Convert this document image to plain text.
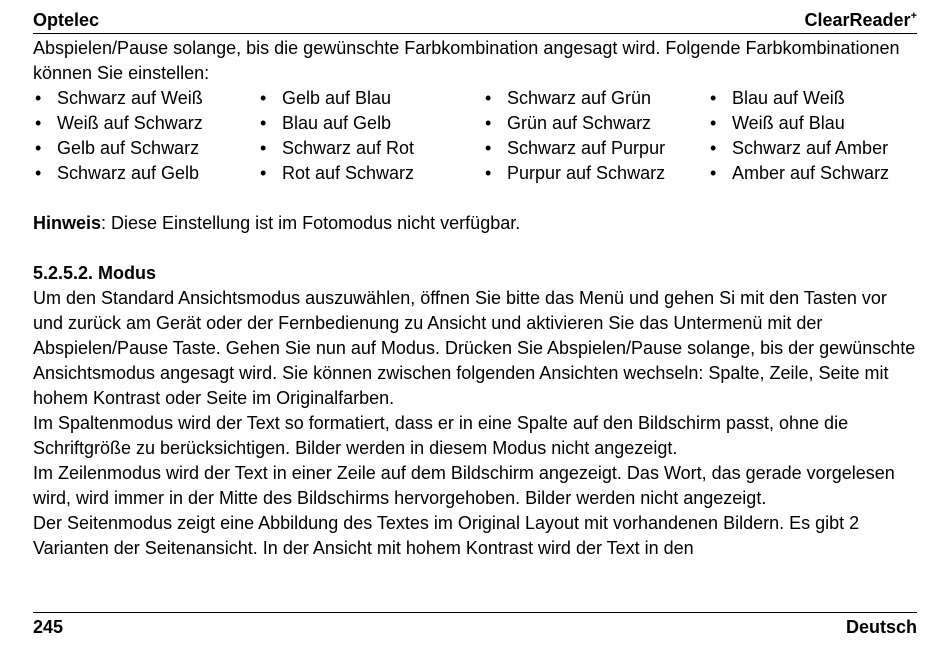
Optelec	ClearReader+

Abspielen/Pause solange, bis die gewünschte Farbkombination angesagt wird. Folgende Farbkombinationen können Sie einstellen:

• Schwarz auf Weiß
• Weiß auf Schwarz
• Gelb auf Schwarz
• Schwarz auf Gelb
• Gelb auf Blau
• Blau auf Gelb
• Schwarz auf Rot
• Rot auf Schwarz
• Schwarz auf Grün
• Grün auf Schwarz
• Schwarz auf Purpur
• Purpur auf Schwarz
• Blau auf Weiß
• Weiß auf Blau
• Schwarz auf Amber
• Amber auf Schwarz

Hinweis: Diese Einstellung ist im Fotomodus nicht verfügbar.

5.2.5.2. Modus

Um den Standard Ansichtsmodus auszuwählen, öffnen Sie bitte das Menü und gehen Si mit den Tasten vor und zurück am Gerät oder der Fernbedienung zu Ansicht und aktivieren Sie das Untermenü mit der Abspielen/Pause Taste. Gehen Sie nun auf Modus. Drücken Sie Abspielen/Pause solange, bis der gewünschte Ansichtsmodus angesagt wird. Sie können zwischen folgenden Ansichten wechseln: Spalte, Zeile, Seite mit hohem Kontrast oder Seite im Originalfarben.

Im Spaltenmodus wird der Text so formatiert, dass er in eine Spalte auf den Bildschirm passt, ohne die Schriftgröße zu berücksichtigen. Bilder werden in diesem Modus nicht angezeigt.

Im Zeilenmodus wird der Text in einer Zeile auf dem Bildschirm angezeigt. Das Wort, das gerade vorgelesen wird, wird immer in der Mitte des Bildschirms hervorgehoben. Bilder werden nicht angezeigt.

Der Seitenmodus zeigt eine Abbildung des Textes im Original Layout mit vorhandenen Bildern. Es gibt 2 Varianten der Seitenansicht. In der Ansicht mit hohem Kontrast wird der Text in den

245	Deutsch
